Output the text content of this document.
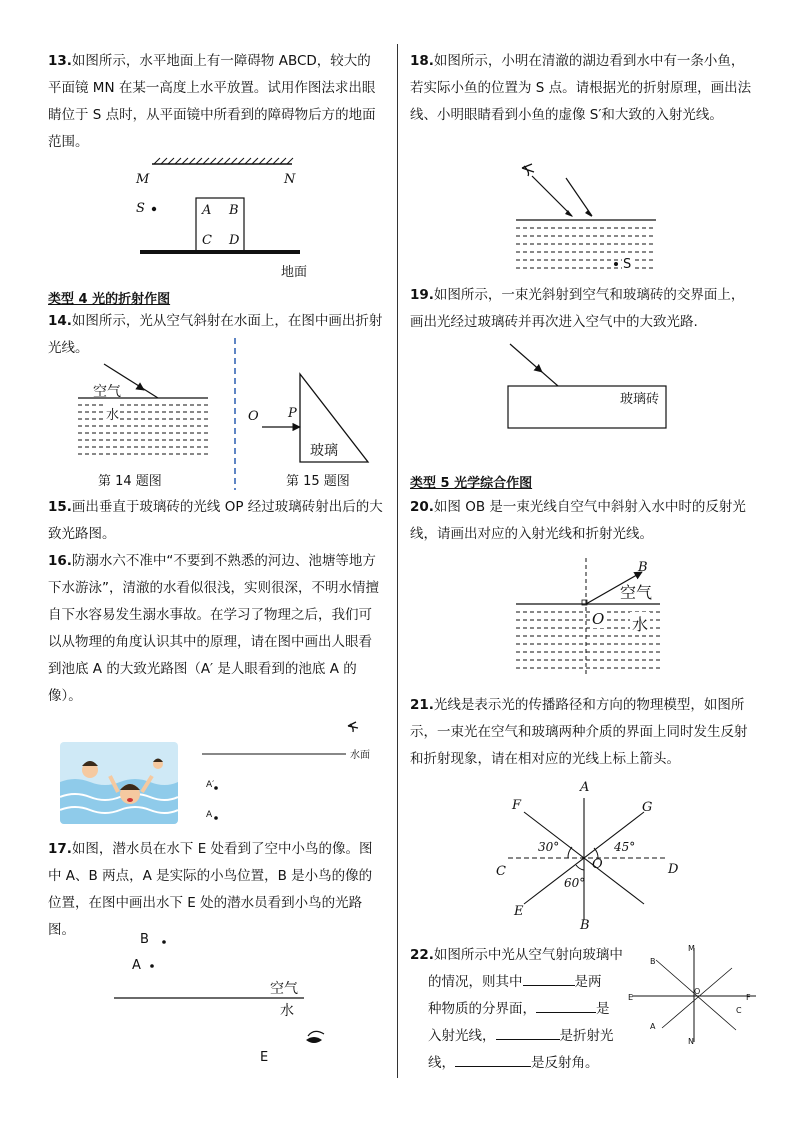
13.如图所示，水平地面上有一障碍物 ABCD，较大的平面镜 MN 在某一高度上水平放置。试用作图法求出眼睛位于 S 点时，从平面镜中所看到的障碍物后方的地面范围。
M	N
S	A B
C D
地面
类型 4 光的折射作图
14.如图所示，光从空气斜射在水面上，在图中画出折射光线。
空气
水
第 14 题图
O P
玻璃
第 15 题图
15.画出垂直于玻璃砖的光线 OP 经过玻璃砖射出后的大致光路图。
16.防溺水六不准中“不要到不熟悉的河边、池塘等地方下水游泳”，清澈的水看似很浅，实则很深，不明水情擅自下水容易发生溺水事故。在学习了物理之后，我们可以从物理的角度认识其中的原理，请在图中画出人眼看到池底 A 的大致光路图（A′ 是人眼看到的池底 A 的像）。
水面
A′
A
17.如图，潜水员在水下 E 处看到了空中小鸟的像。图中 A、B 两点，A 是实际的小鸟位置，B 是小鸟的像的位置，在图中画出水下 E 处的潜水员看到小鸟的光路图。
B
A
空气
水
E
18.如图所示，小明在清澈的湖边看到水中有一条小鱼，若实际小鱼的位置为 S 点。请根据光的折射原理，画出法线、小明眼睛看到小鱼的虚像 S′和大致的入射光线。
S
19.如图所示，一束光斜射到空气和玻璃砖的交界面上，画出光经过玻璃砖并再次进入空气中的大致光路.
玻璃砖
类型 5 光学综合作图
20.如图 OB 是一束光线自空气中斜射入水中时的反射光线，请画出对应的入射光线和折射光线。
B
空气
O 水
21.光线是表示光的传播路径和方向的物理模型，如图所示，一束光在空气和玻璃两种介质的界面上同时发生反射和折射现象，请在相对应的光线上标上箭头。
A
F	G
30°	45°
O
C	D
60°
E
B
22.如图所示中光从空气射向玻璃中
的情况，则其中	是两
种物质的分界面，	是
入射光线，	是折射光
线，	是反射角。
M
B
E
O
F
C
A
N
